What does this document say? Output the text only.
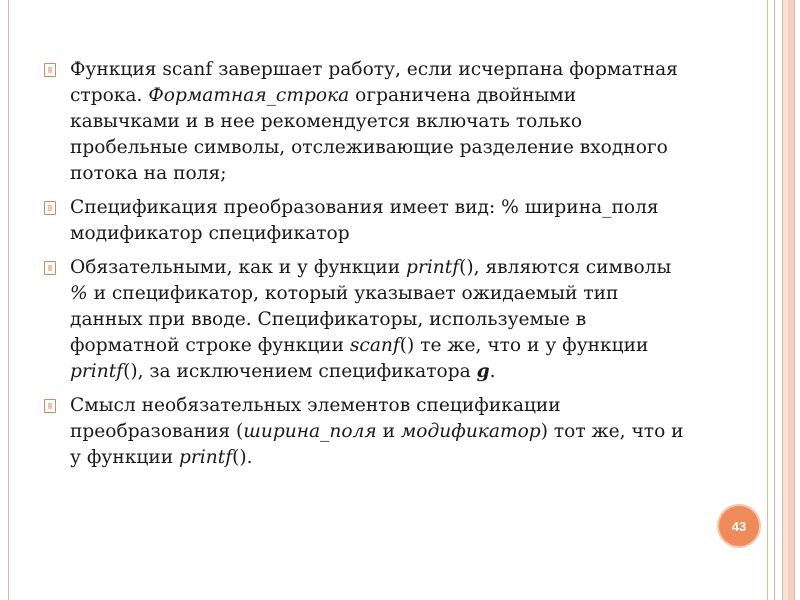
Функция scanf завершает работу, если исчерпана форматная строка. Форматная_строка ограничена двойными кавычками и в нее рекомендуется включать только пробельные символы, отслеживающие разделение входного потока на поля;
Спецификация преобразования имеет вид: % ширина_поля модификатор спецификатор
Обязательными, как и у функции printf(), являются символы % и спецификатор, который указывает ожидаемый тип данных при вводе. Спецификаторы, используемые в форматной строке функции scanf() те же, что и у функции printf(), за исключением спецификатора g.
Смысл необязательных элементов спецификации преобразования (ширина_поля и модификатор) тот же, что и у функции printf().
43
